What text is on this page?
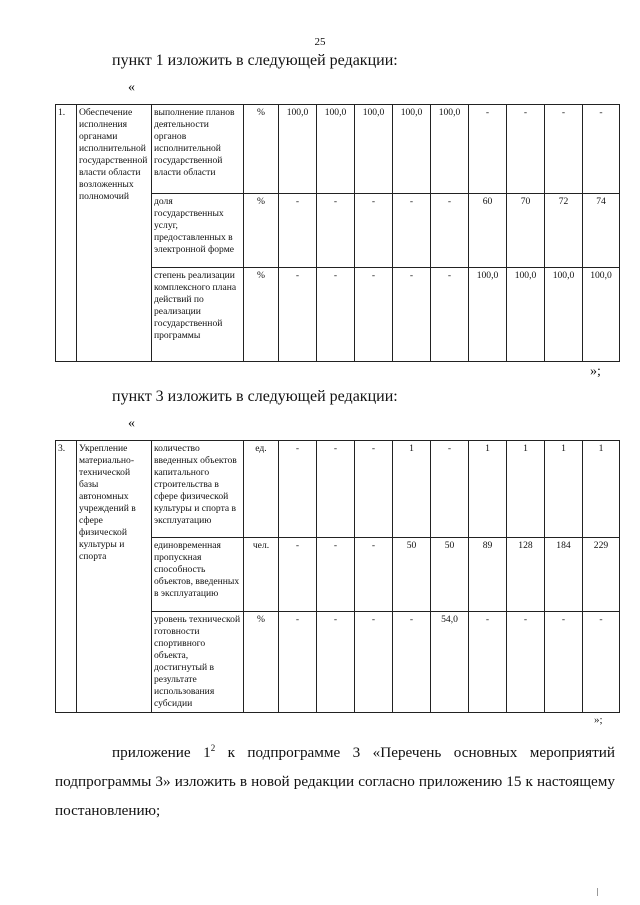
25
пункт 1 изложить в следующей редакции:
«
1.	Обеспечение исполнения органами исполнительной государственной власти области возложенных полномочий	выполнение планов деятельности органов исполнительной государственной власти области	%	100,0	100,0	100,0	100,0	100,0	-	-	-	-
		доля государственных услуг, предоставленных в электронной форме	%	-	-	-	-	-	60	70	72	74
		степень реализации комплексного плана действий по реализации государственной программы	%	-	-	-	-	-	100,0	100,0	100,0	100,0
»;
пункт 3 изложить в следующей редакции:
«
3.	Укрепление материально-технической базы автономных учреждений в сфере физической культуры и спорта	количество введенных объектов капитального строительства в сфере физической культуры и спорта в эксплуатацию	ед.	-	-	-	1	-	1	1	1	1
		единовременная пропускная способность объектов, введенных в эксплуатацию	чел.	-	-	-	50	50	89	128	184	229
		уровень технической готовности спортивного объекта, достигнутый в результате использования субсидии	%	-	-	-	-	54,0	-	-	-	-
»;
приложение $1^2$ к подпрограмме 3 «Перечень основных мероприятий подпрограммы 3» изложить в новой редакции согласно приложению 15 к настоящему постановлению;
